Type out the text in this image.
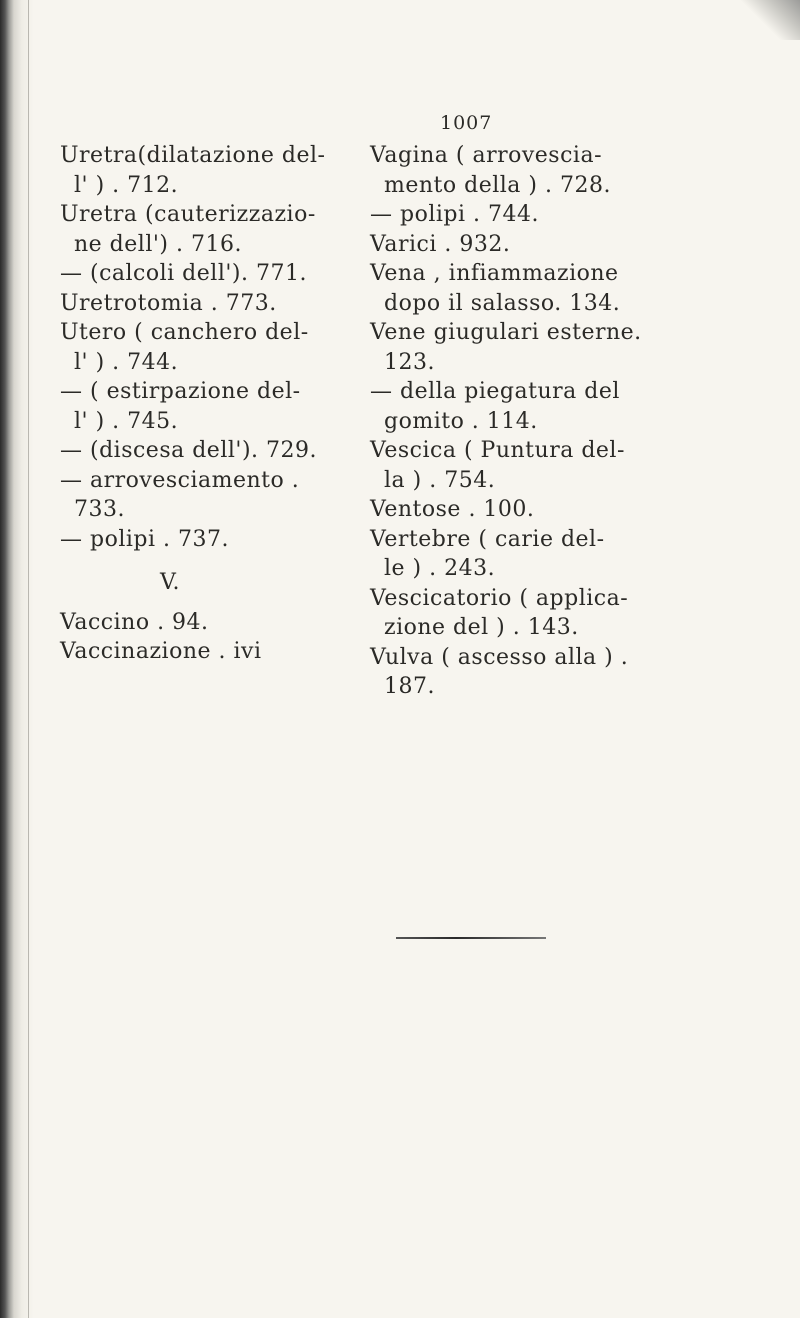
1007
Uretra(dilatazione del-
l' ) . 712.
Uretra (cauterizzazio-
ne dell') . 716.
— (calcoli dell'). 771.
Uretrotomia . 773.
Utero ( canchero del-
l' ) . 744.
— ( estirpazione del-
l' ) . 745.
— (discesa dell'). 729.
— arrovesciamento .
733.
— polipi . 737.
V.
Vaccino . 94.
Vaccinazione . ivi
Vagina ( arrovescia-
mento della ) . 728.
— polipi . 744.
Varici . 932.
Vena , infiammazione
dopo il salasso. 134.
Vene giugulari esterne.
123.
— della piegatura del
gomito . 114.
Vescica ( Puntura del-
la ) . 754.
Ventose . 100.
Vertebre ( carie del-
le ) . 243.
Vescicatorio ( applica-
zione del ) . 143.
Vulva ( ascesso alla ) .
187.
